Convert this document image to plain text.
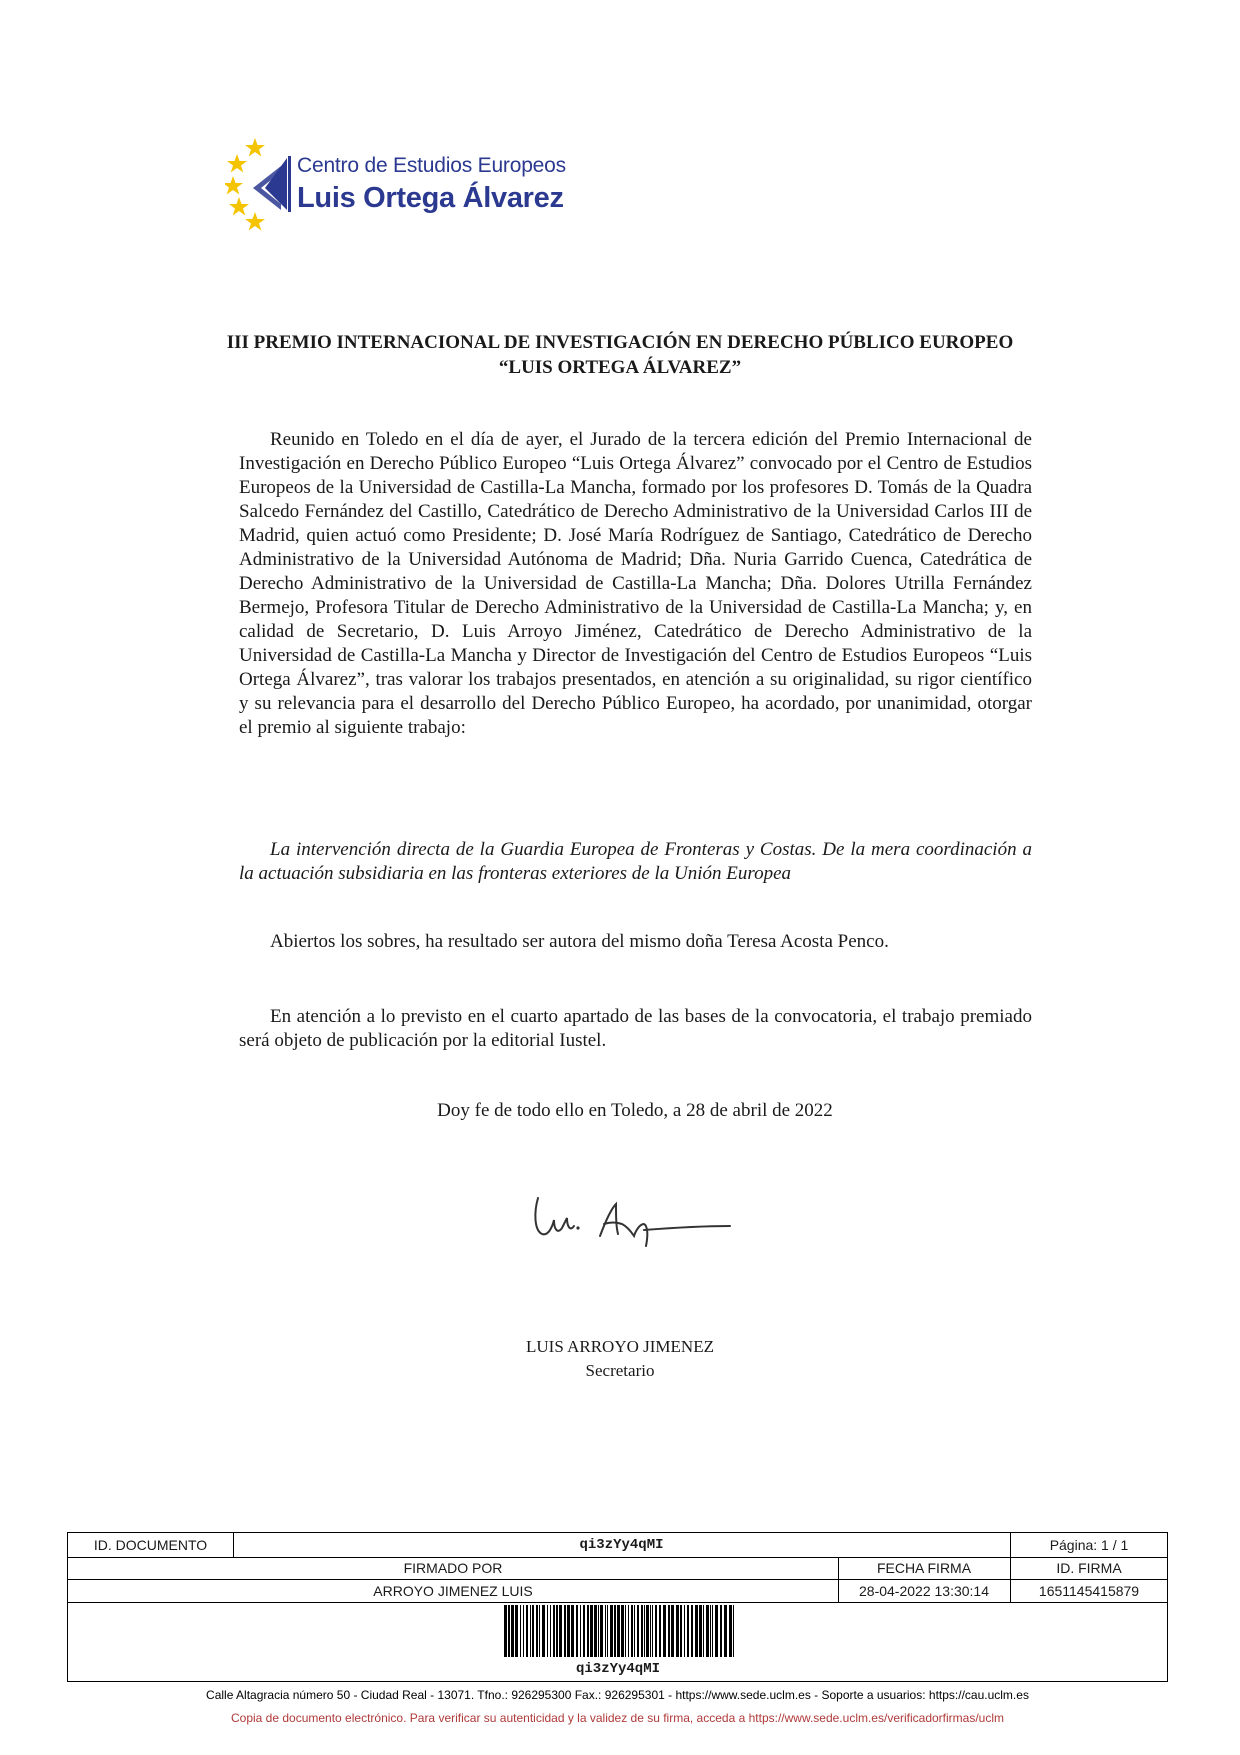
Centro de Estudios Europeos
Luis Ortega Álvarez
III PREMIO INTERNACIONAL DE INVESTIGACIÓN EN DERECHO PÚBLICO EUROPEO
“LUIS ORTEGA ÁLVAREZ”
Reunido en Toledo en el día de ayer, el Jurado de la tercera edición del Premio Internacional de Investigación en Derecho Público Europeo “Luis Ortega Álvarez” convocado por el Centro de Estudios Europeos de la Universidad de Castilla-La Mancha, formado por los profesores D. Tomás de la Quadra Salcedo Fernández del Castillo, Catedrático de Derecho Administrativo de la Universidad Carlos III de Madrid, quien actuó como Presidente; D. José María Rodríguez de Santiago, Catedrático de Derecho Administrativo de la Universidad Autónoma de Madrid; Dña. Nuria Garrido Cuenca, Catedrática de Derecho Administrativo de la Universidad de Castilla-La Mancha; Dña. Dolores Utrilla Fernández Bermejo, Profesora Titular de Derecho Administrativo de la Universidad de Castilla-La Mancha; y, en calidad de Secretario, D. Luis Arroyo Jiménez, Catedrático de Derecho Administrativo de la Universidad de Castilla-La Mancha y Director de Investigación del Centro de Estudios Europeos “Luis Ortega Álvarez”, tras valorar los trabajos presentados, en atención a su originalidad, su rigor científico y su relevancia para el desarrollo del Derecho Público Europeo, ha acordado, por unanimidad, otorgar el premio al siguiente trabajo:
La intervención directa de la Guardia Europea de Fronteras y Costas. De la mera coordinación a la actuación subsidiaria en las fronteras exteriores de la Unión Europea
Abiertos los sobres, ha resultado ser autora del mismo doña Teresa Acosta Penco.
En atención a lo previsto en el cuarto apartado de las bases de la convocatoria, el trabajo premiado será objeto de publicación por la editorial Iustel.
Doy fe de todo ello en Toledo, a 28 de abril de 2022
LUIS ARROYO JIMENEZ
Secretario
ID. DOCUMENTO	qi3zYy4qMI	Página: 1 / 1
FIRMADO POR	FECHA FIRMA	ID. FIRMA
ARROYO JIMENEZ LUIS	28-04-2022 13:30:14	1651145415879
qi3zYy4qMI
Calle Altagracia número 50 - Ciudad Real - 13071. Tfno.: 926295300 Fax.: 926295301 - https://www.sede.uclm.es - Soporte a usuarios: https://cau.uclm.es
Copia de documento electrónico. Para verificar su autenticidad y la validez de su firma, acceda a https://www.sede.uclm.es/verificadorfirmas/uclm
